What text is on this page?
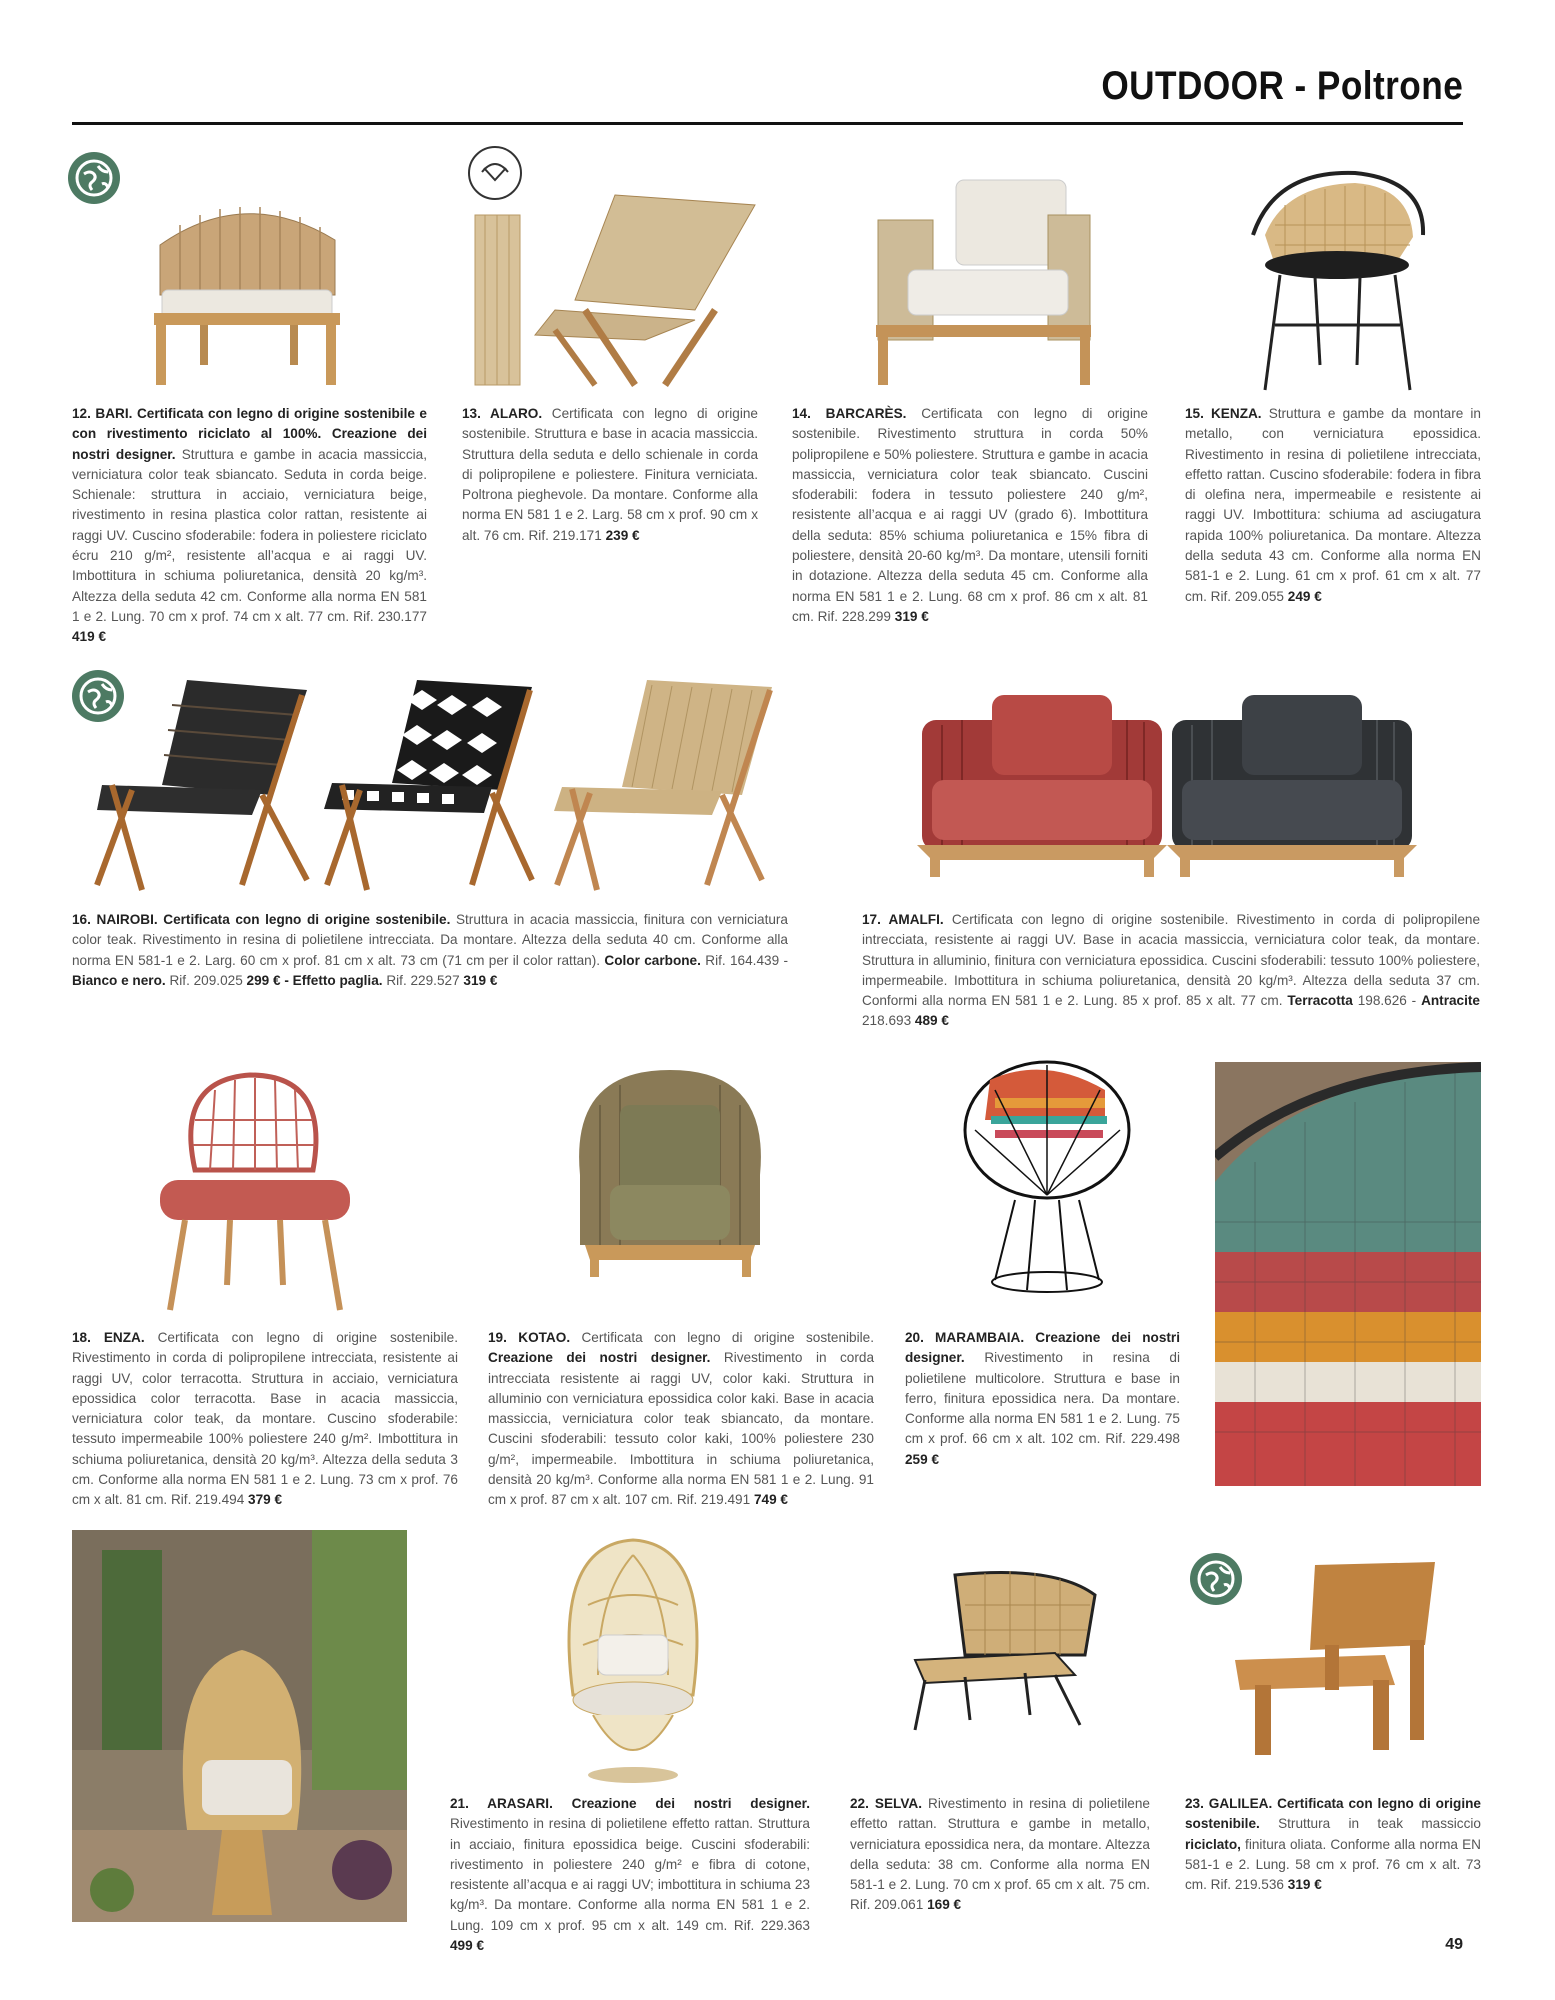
OUTDOOR - Poltrone
12. BARI. Certificata con legno di origine sostenibile e con rivestimento riciclato al 100%. Creazione dei nostri designer. Struttura e gambe in acacia massiccia, verniciatura color teak sbiancato. Seduta in corda beige. Schienale: struttura in acciaio, verniciatura beige, rivestimento in resina plastica color rattan, resistente ai raggi UV. Cuscino sfoderabile: fodera in poliestere riciclato écru 210 g/m², resistente all’acqua e ai raggi UV. Imbottitura in schiuma poliuretanica, densità 20 kg/m³. Altezza della seduta 42 cm. Conforme alla norma EN 581 1 e 2. Lung. 70 cm x prof. 74 cm x alt. 77 cm. Rif. 230.177 419 €
13. ALARO. Certificata con legno di origine sostenibile. Struttura e base in acacia massiccia. Struttura della seduta e dello schienale in corda di polipropilene e poliestere. Finitura verniciata. Poltrona pieghevole. Da montare. Conforme alla norma EN 581 1 e 2. Larg. 58 cm x prof. 90 cm x alt. 76 cm. Rif. 219.171 239 €
14. BARCARÈS. Certificata con legno di origine sostenibile. Rivestimento struttura in corda 50% polipropilene e 50% poliestere. Struttura e gambe in acacia massiccia, verniciatura color teak sbiancato. Cuscini sfoderabili: fodera in tessuto poliestere 240 g/m², resistente all’acqua e ai raggi UV (grado 6). Imbottitura della seduta: 85% schiuma poliuretanica e 15% fibra di poliestere, densità 20-60 kg/m³. Da montare, utensili forniti in dotazione. Altezza della seduta 45 cm. Conforme alla norma EN 581 1 e 2. Lung. 68 cm x prof. 86 cm x alt. 81 cm. Rif. 228.299 319 €
15. KENZA. Struttura e gambe da montare in metallo, con verniciatura epossidica. Rivestimento in resina di polietilene intrecciata, effetto rattan. Cuscino sfoderabile: fodera in fibra di olefina nera, impermeabile e resistente ai raggi UV. Imbottitura: schiuma ad asciugatura rapida 100% poliuretanica. Da montare. Altezza della seduta 43 cm. Conforme alla norma EN 581-1 e 2. Lung. 61 cm x prof. 61 cm x alt. 77 cm. Rif. 209.055 249 €
16. NAIROBI. Certificata con legno di origine sostenibile. Struttura in acacia massiccia, finitura con verniciatura color teak. Rivestimento in resina di polietilene intrecciata. Da montare. Altezza della seduta 40 cm. Conforme alla norma EN 581-1 e 2. Larg. 60 cm x prof. 81 cm x alt. 73 cm (71 cm per il color rattan). Color carbone. Rif. 164.439 - Bianco e nero. Rif. 209.025 299 € - Effetto paglia. Rif. 229.527 319 €
17. AMALFI. Certificata con legno di origine sostenibile. Rivestimento in corda di polipropilene intrecciata, resistente ai raggi UV. Base in acacia massiccia, verniciatura color teak, da montare. Struttura in alluminio, finitura con verniciatura epossidica. Cuscini sfoderabili: tessuto 100% poliestere, impermeabile. Imbottitura in schiuma poliuretanica, densità 20 kg/m³. Altezza della seduta 37 cm. Conformi alla norma EN 581 1 e 2. Lung. 85 x prof. 85 x alt. 77 cm. Terracotta 198.626 - Antracite 218.693 489 €
18. ENZA. Certificata con legno di origine sostenibile. Rivestimento in corda di polipropilene intrecciata, resistente ai raggi UV, color terracotta. Struttura in acciaio, verniciatura epossidica color terracotta. Base in acacia massiccia, verniciatura color teak, da montare. Cuscino sfoderabile: tessuto impermeabile 100% poliestere 240 g/m². Imbottitura in schiuma poliuretanica, densità 20 kg/m³. Altezza della seduta 3 cm. Conforme alla norma EN 581 1 e 2. Lung. 73 cm x prof. 76 cm x alt. 81 cm. Rif. 219.494 379 €
19. KOTAO. Certificata con legno di origine sostenibile. Creazione dei nostri designer. Rivestimento in corda intrecciata resistente ai raggi UV, color kaki. Struttura in alluminio con verniciatura epossidica color kaki. Base in acacia massiccia, verniciatura color teak sbiancato, da montare. Cuscini sfoderabili: tessuto color kaki, 100% poliestere 230 g/m², impermeabile. Imbottitura in schiuma poliuretanica, densità 20 kg/m³. Conforme alla norma EN 581 1 e 2. Lung. 91 cm x prof. 87 cm x alt. 107 cm. Rif. 219.491 749 €
20. MARAMBAIA. Creazione dei nostri designer. Rivestimento in resina di polietilene multicolore. Struttura e base in ferro, finitura epossidica nera. Da montare. Conforme alla norma EN 581 1 e 2. Lung. 75 cm x prof. 66 cm x alt. 102 cm. Rif. 229.498 259 €
21. ARASARI. Creazione dei nostri designer. Rivestimento in resina di polietilene effetto rattan. Struttura in acciaio, finitura epossidica beige. Cuscini sfoderabili: rivestimento in poliestere 240 g/m² e fibra di cotone, resistente all’acqua e ai raggi UV; imbottitura in schiuma 23 kg/m³. Da montare. Conforme alla norma EN 581 1 e 2. Lung. 109 cm x prof. 95 cm x alt. 149 cm. Rif. 229.363 499 €
22. SELVA. Rivestimento in resina di polietilene effetto rattan. Struttura e gambe in metallo, verniciatura epossidica nera, da montare. Altezza della seduta: 38 cm. Conforme alla norma EN 581-1 e 2. Lung. 70 cm x prof. 65 cm x alt. 75 cm. Rif. 209.061 169 €
23. GALILEA. Certificata con legno di origine sostenibile. Struttura in teak massiccio riciclato, finitura oliata. Conforme alla norma EN 581-1 e 2. Lung. 58 cm x prof. 76 cm x alt. 73 cm. Rif. 219.536 319 €
49
